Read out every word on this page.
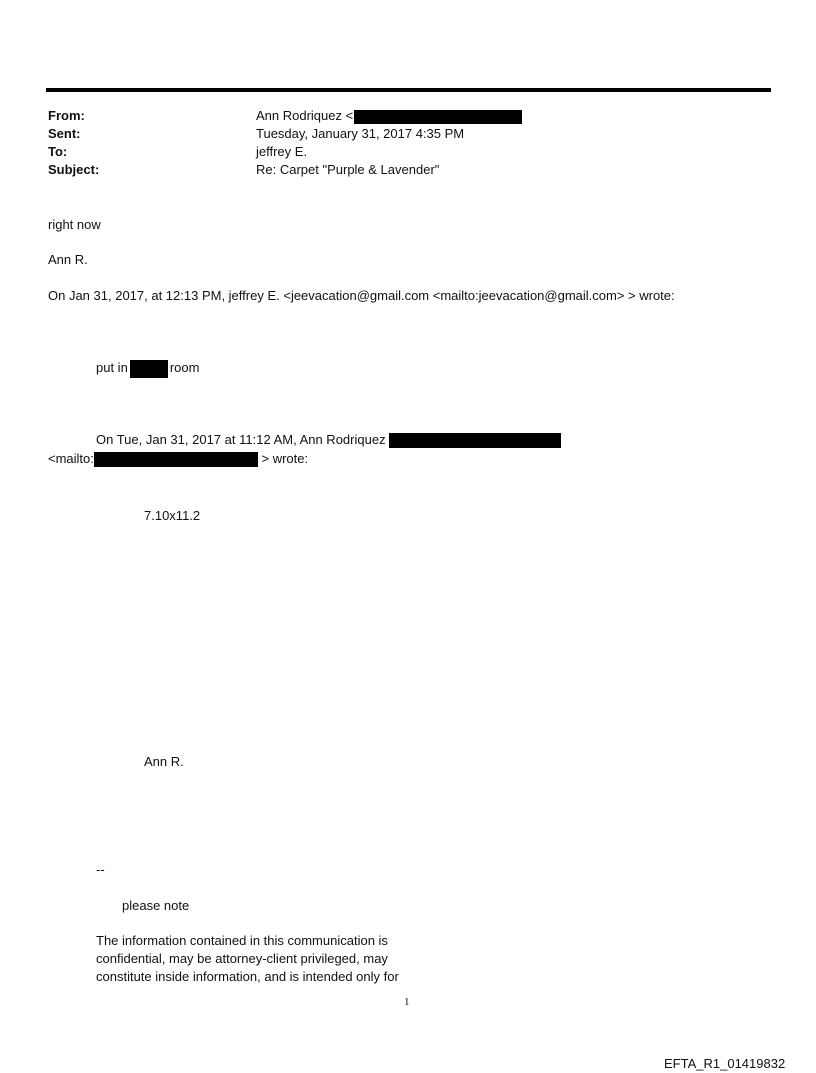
From:
Sent:
To:
Subject:
Ann Rodriquez <
Tuesday, January 31, 2017 4:35 PM
jeffrey E.
Re: Carpet "Purple & Lavender"
right now
Ann R.
On Jan 31, 2017, at 12:13 PM, jeffrey E. <jeevacation@gmail.com <mailto:jeevacation@gmail.com> > wrote:
put in	room
On Tue, Jan 31, 2017 at 11:12 AM, Ann Rodriquez
<mailto:	> wrote:
7.10x11.2
Ann R.
--
please note
The information contained in this communication is
confidential, may be attorney-client privileged, may
constitute inside information, and is intended only for
1
EFTA_R1_01419832
